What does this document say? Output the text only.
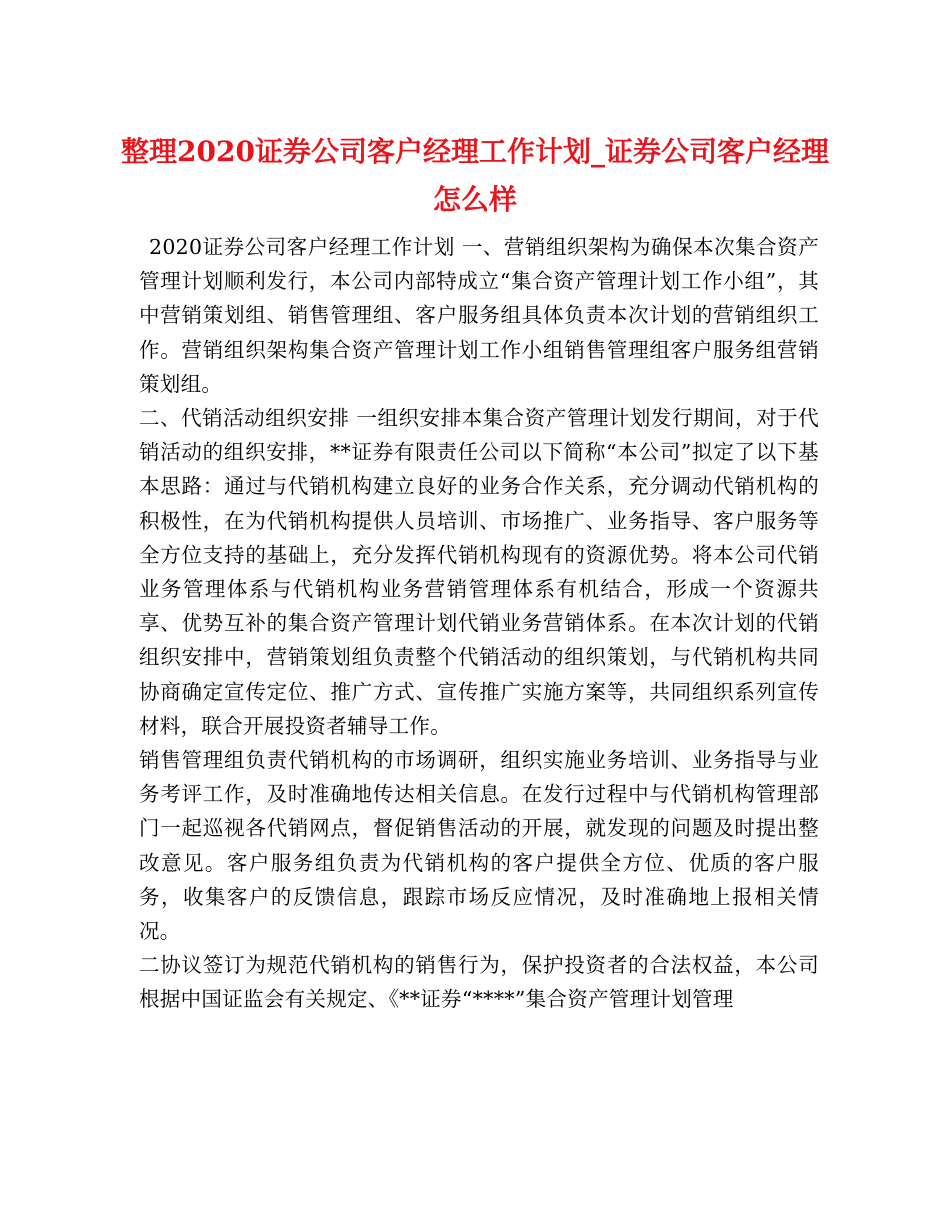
整理2020证券公司客户经理工作计划_证券公司客户经理怎么样

2020证券公司客户经理工作计划 一、营销组织架构为确保本次集合资产管理计划顺利发行，本公司内部特成立“集合资产管理计划工作小组”，其中营销策划组、销售管理组、客户服务组具体负责本次计划的营销组织工作。营销组织架构集合资产管理计划工作小组销售管理组客户服务组营销策划组。

二、代销活动组织安排 一组织安排本集合资产管理计划发行期间，对于代销活动的组织安排，**证券有限责任公司以下简称“本公司”拟定了以下基本思路：通过与代销机构建立良好的业务合作关系，充分调动代销机构的积极性，在为代销机构提供人员培训、市场推广、业务指导、客户服务等全方位支持的基础上，充分发挥代销机构现有的资源优势。将本公司代销业务管理体系与代销机构业务营销管理体系有机结合，形成一个资源共享、优势互补的集合资产管理计划代销业务营销体系。在本次计划的代销组织安排中，营销策划组负责整个代销活动的组织策划，与代销机构共同协商确定宣传定位、推广方式、宣传推广实施方案等，共同组织系列宣传材料，联合开展投资者辅导工作。

销售管理组负责代销机构的市场调研，组织实施业务培训、业务指导与业务考评工作，及时准确地传达相关信息。在发行过程中与代销机构管理部门一起巡视各代销网点，督促销售活动的开展，就发现的问题及时提出整改意见。客户服务组负责为代销机构的客户提供全方位、优质的客户服务，收集客户的反馈信息，跟踪市场反应情况，及时准确地上报相关情况。

二协议签订为规范代销机构的销售行为，保护投资者的合法权益，本公司根据中国证监会有关规定、《**证券“****”集合资产管理计划管理
